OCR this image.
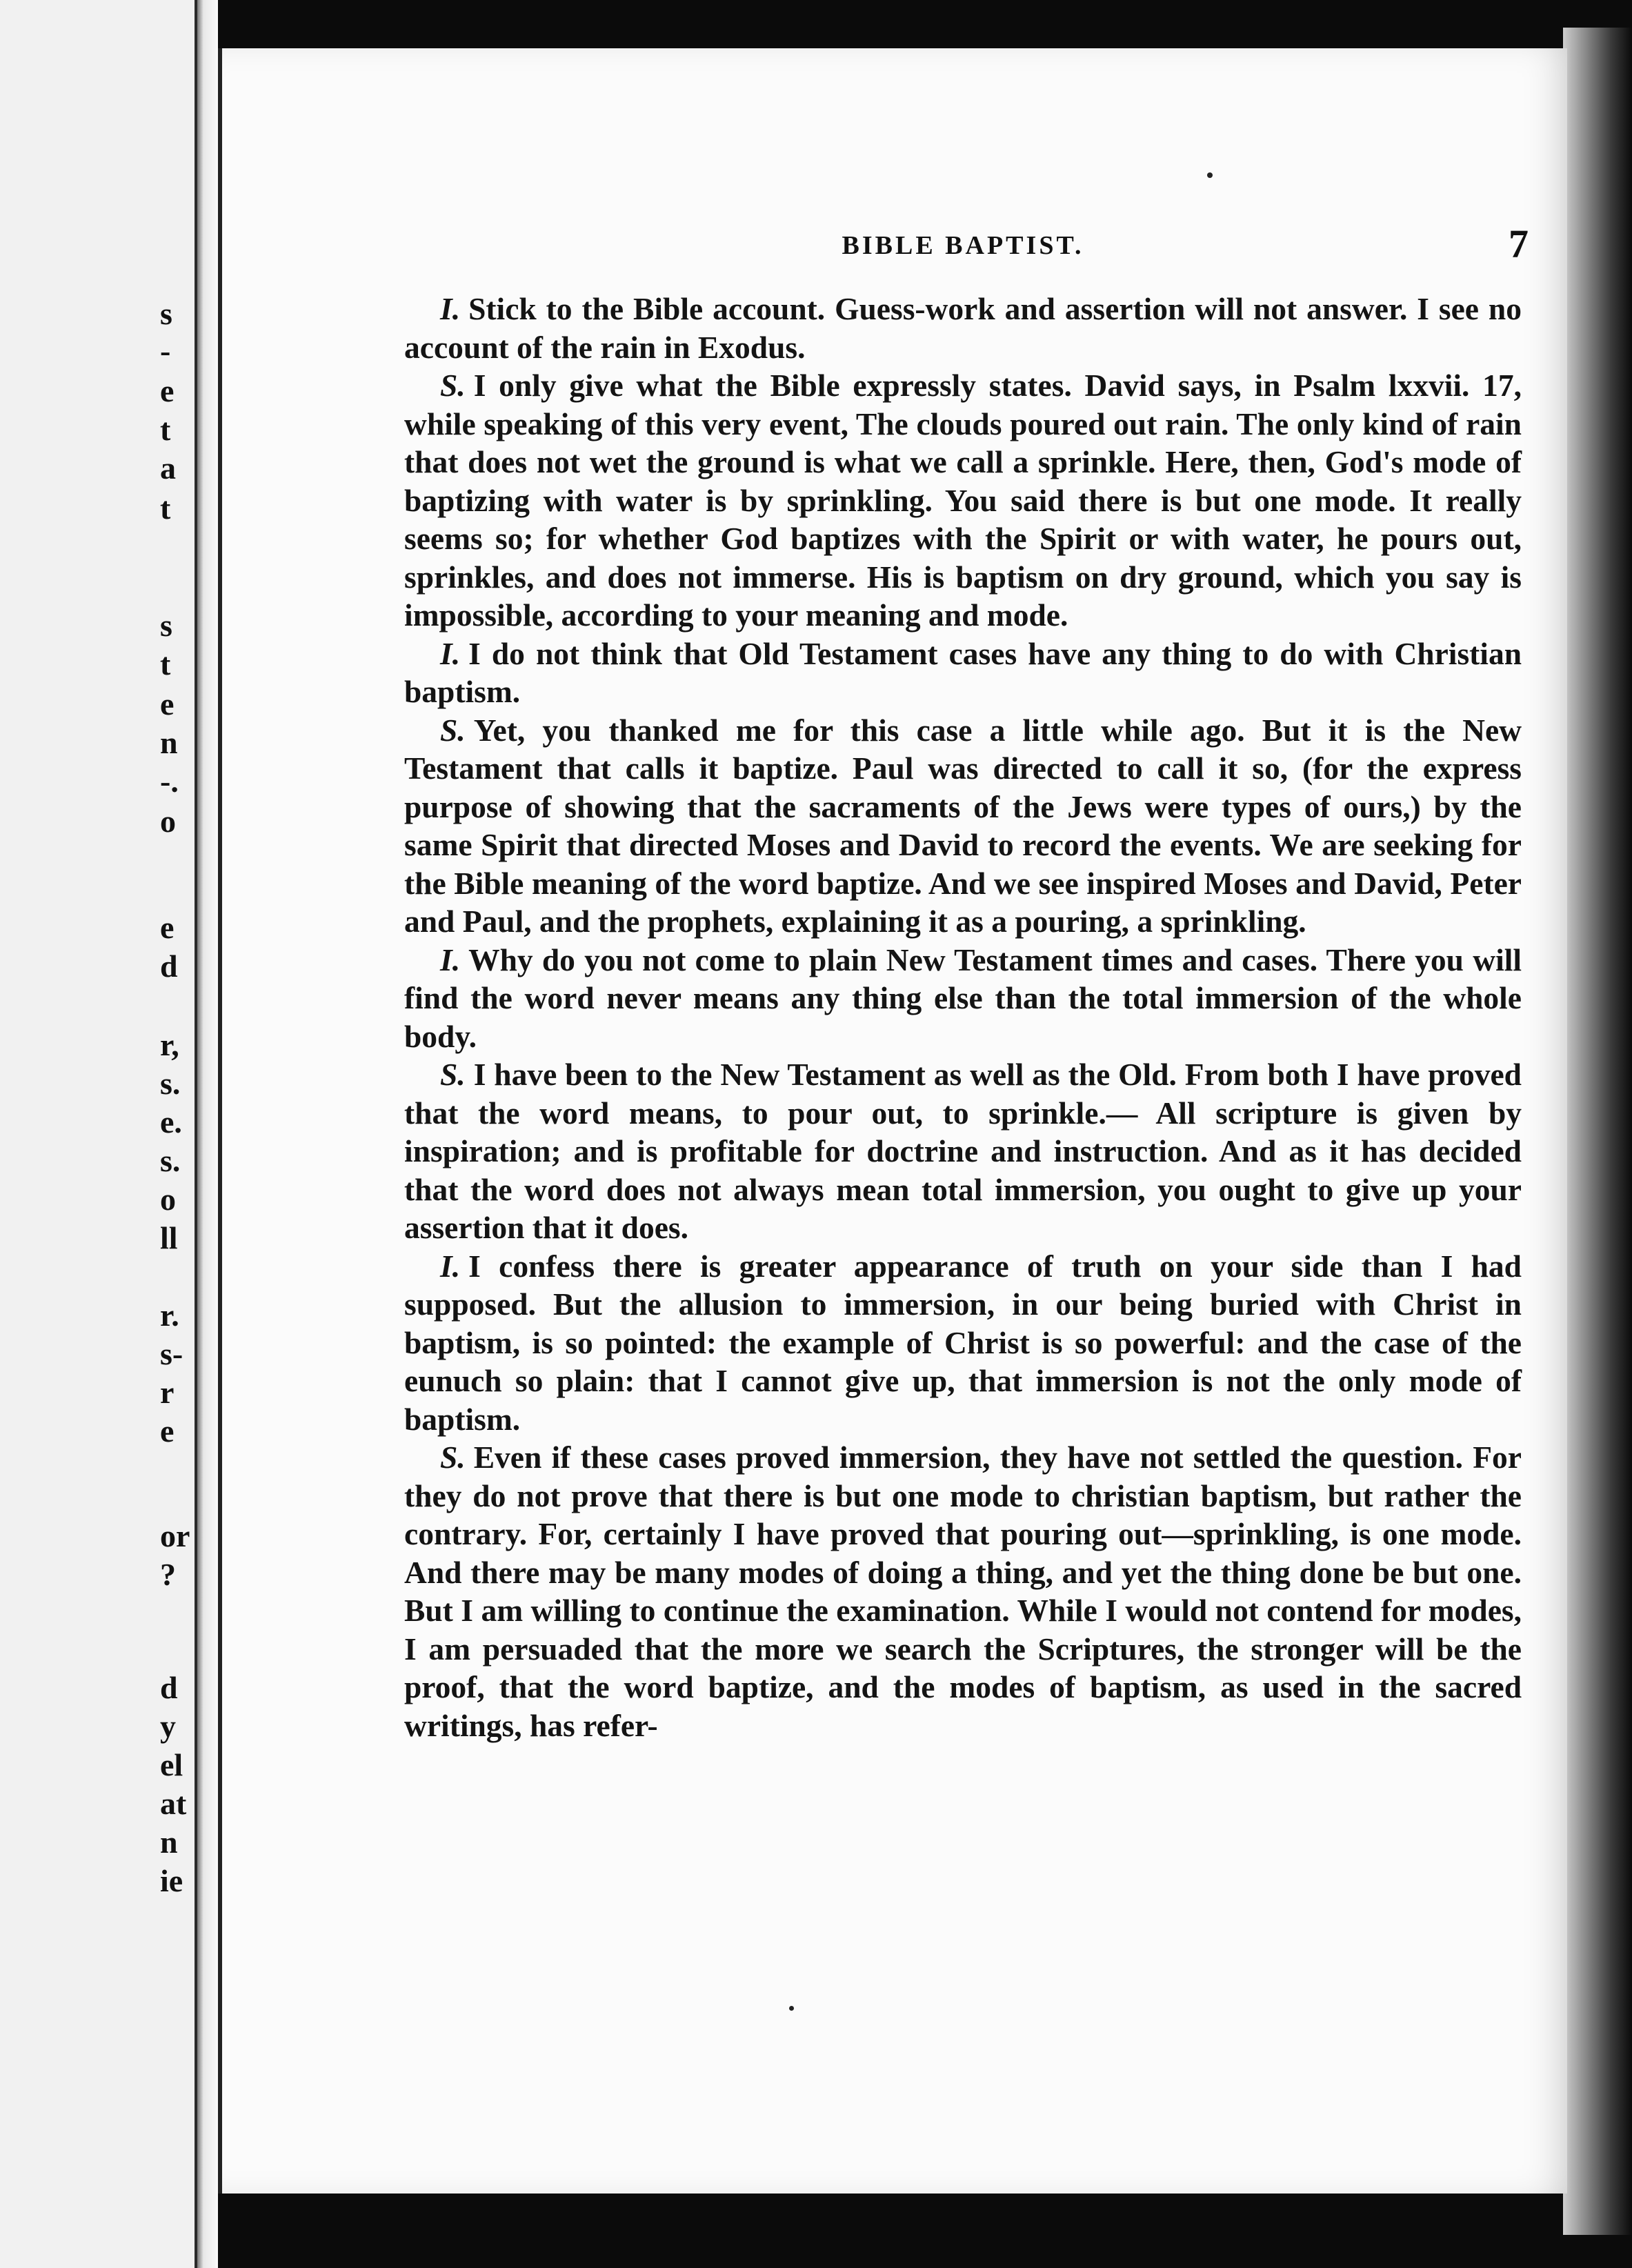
s
-
e
t
a
t
s
t
e
n
-.
o
e
d
r,
s.
e.
s.
o
ll
r.
s-
r
e
or
?
d
y
el
at
n
ie
BIBLE BAPTIST.	7

I. Stick to the Bible account. Guess-work and assertion will not answer. I see no account of the rain in Exodus.

S. I only give what the Bible expressly states. David says, in Psalm lxxvii. 17, while speaking of this very event, The clouds poured out rain. The only kind of rain that does not wet the ground is what we call a sprinkle. Here, then, God's mode of baptizing with water is by sprinkling. You said there is but one mode. It really seems so; for whether God baptizes with the Spirit or with water, he pours out, sprinkles, and does not immerse. His is baptism on dry ground, which you say is impossible, according to your meaning and mode.

I. I do not think that Old Testament cases have any thing to do with Christian baptism.

S. Yet, you thanked me for this case a little while ago. But it is the New Testament that calls it baptize. Paul was directed to call it so, (for the express purpose of showing that the sacraments of the Jews were types of ours,) by the same Spirit that directed Moses and David to record the events. We are seeking for the Bible meaning of the word baptize. And we see inspired Moses and David, Peter and Paul, and the prophets, explaining it as a pouring, a sprinkling.

I. Why do you not come to plain New Testament times and cases. There you will find the word never means any thing else than the total immersion of the whole body.

S. I have been to the New Testament as well as the Old. From both I have proved that the word means, to pour out, to sprinkle.— All scripture is given by inspiration; and is profitable for doctrine and instruction. And as it has decided that the word does not always mean total immersion, you ought to give up your assertion that it does.

I. I confess there is greater appearance of truth on your side than I had supposed. But the allusion to immersion, in our being buried with Christ in baptism, is so pointed: the example of Christ is so powerful: and the case of the eunuch so plain: that I cannot give up, that immersion is not the only mode of baptism.

S. Even if these cases proved immersion, they have not settled the question. For they do not prove that there is but one mode to christian baptism, but rather the contrary. For, certainly I have proved that pouring out—sprinkling, is one mode. And there may be many modes of doing a thing, and yet the thing done be but one. But I am willing to continue the examination. While I would not contend for modes, I am persuaded that the more we search the Scriptures, the stronger will be the proof, that the word baptize, and the modes of baptism, as used in the sacred writings, has refer-
